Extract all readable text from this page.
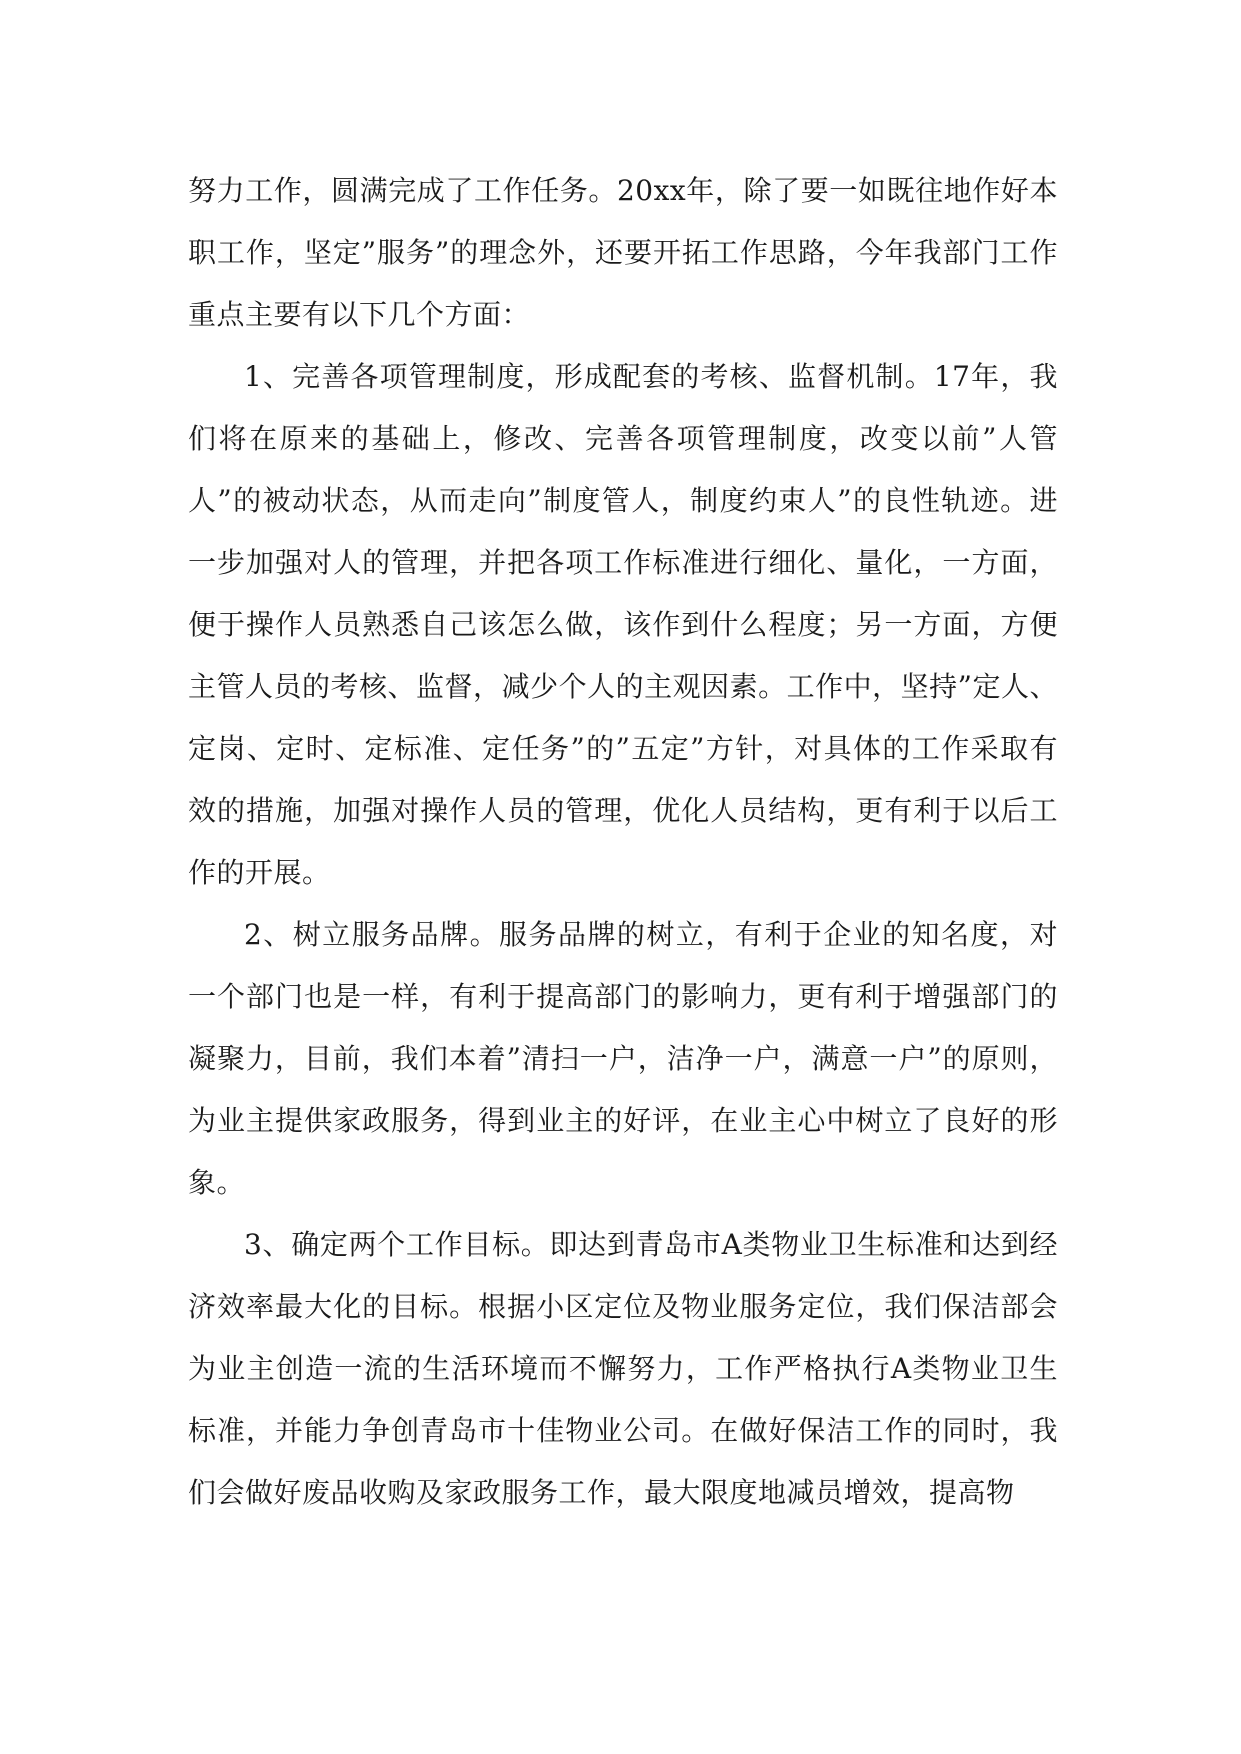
努力工作，圆满完成了工作任务。20xx年，除了要一如既往地作好本职工作，坚定”服务”的理念外，还要开拓工作思路，今年我部门工作重点主要有以下几个方面：

1、完善各项管理制度，形成配套的考核、监督机制。17年，我们将在原来的基础上，修改、完善各项管理制度，改变以前”人管人”的被动状态，从而走向”制度管人，制度约束人”的良性轨迹。进一步加强对人的管理，并把各项工作标准进行细化、量化，一方面，便于操作人员熟悉自己该怎么做，该作到什么程度；另一方面，方便主管人员的考核、监督，减少个人的主观因素。工作中，坚持”定人、定岗、定时、定标准、定任务”的”五定”方针，对具体的工作采取有效的措施，加强对操作人员的管理，优化人员结构，更有利于以后工作的开展。

2、树立服务品牌。服务品牌的树立，有利于企业的知名度，对一个部门也是一样，有利于提高部门的影响力，更有利于增强部门的凝聚力，目前，我们本着”清扫一户，洁净一户，满意一户”的原则，为业主提供家政服务，得到业主的好评，在业主心中树立了良好的形象。

3、确定两个工作目标。即达到青岛市A类物业卫生标准和达到经济效率最大化的目标。根据小区定位及物业服务定位，我们保洁部会为业主创造一流的生活环境而不懈努力，工作严格执行A类物业卫生标准，并能力争创青岛市十佳物业公司。在做好保洁工作的同时，我们会做好废品收购及家政服务工作，最大限度地减员增效，提高物
